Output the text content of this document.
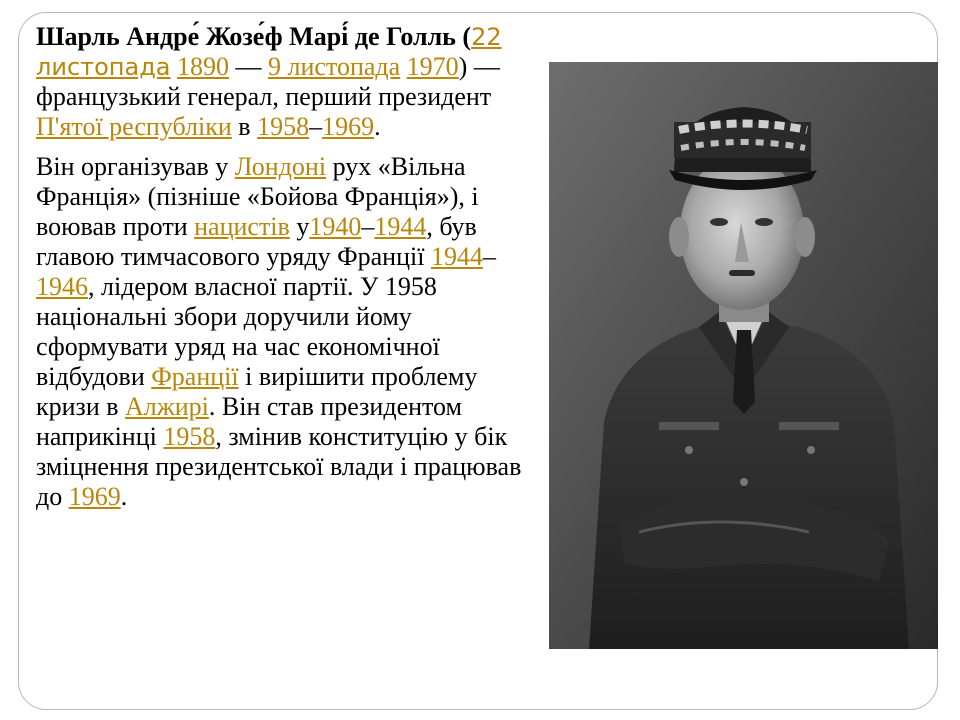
Шарль Андре́ Жозе́ф Марі́ де Голль (22 листопада 1890 — 9 листопада 1970) — французький генерал, перший президент П'ятої республіки в 1958–1969.

Він організував у Лондоні рух «Вільна Франція» (пізніше «Бойова Франція»), і воював проти нацистів у1940–1944, був главою тимчасового уряду Франції 1944–1946, лідером власної партії. У 1958 національні збори доручили йому сформувати уряд на час економічної відбудови Франції і вирішити проблему кризи в Алжирі. Він став президентом наприкінці 1958, змінив конституцію у бік зміцнення президентської влади і працював до 1969.
